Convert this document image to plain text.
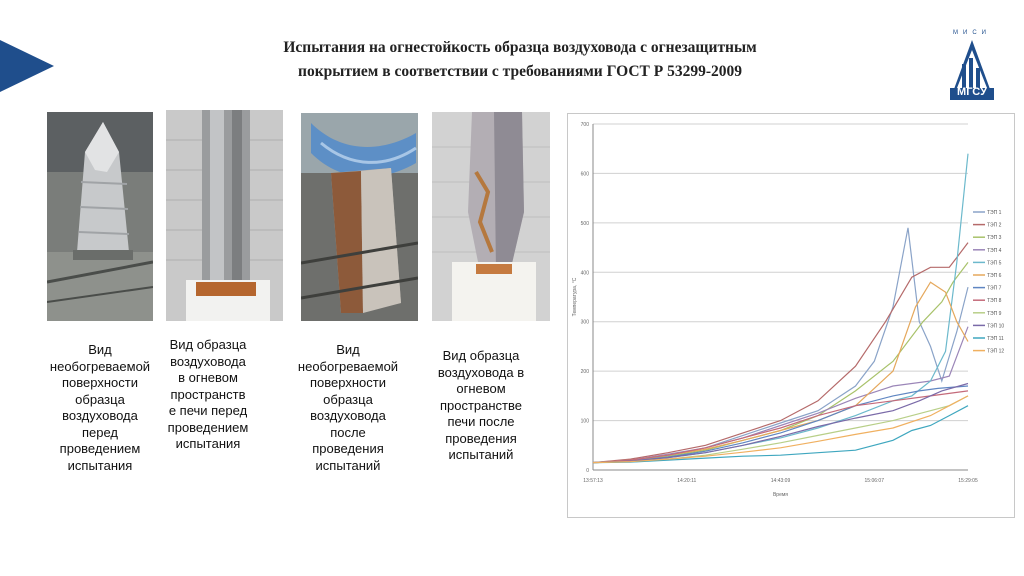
Испытания на огнестойкость образца воздуховода с огнезащитным
покрытием в соответствии с требованиями ГОСТ Р 53299-2009
МИСИ
МГСУ
Вид
необогреваемой
поверхности
образца
воздуховода
перед
проведением
испытания
Вид образца
воздуховода
в огневом
пространств
е печи перед
проведением
испытания
Вид
необогреваемой
поверхности
образца
воздуховода
после
проведения
испытаний
Вид образца
воздуховода в
огневом
пространстве
печи после
проведения
испытаний
0
100
200
300
400
500
600
700
13:57:13	14:20:11	14:43:09	15:06:07	15:29:05
Время
Температура, °С
ТЭП 1
ТЭП 2
ТЭП 3
ТЭП 4
ТЭП 5
ТЭП 6
ТЭП 7
ТЭП 8
ТЭП 9
ТЭП 10
ТЭП 11
ТЭП 12
